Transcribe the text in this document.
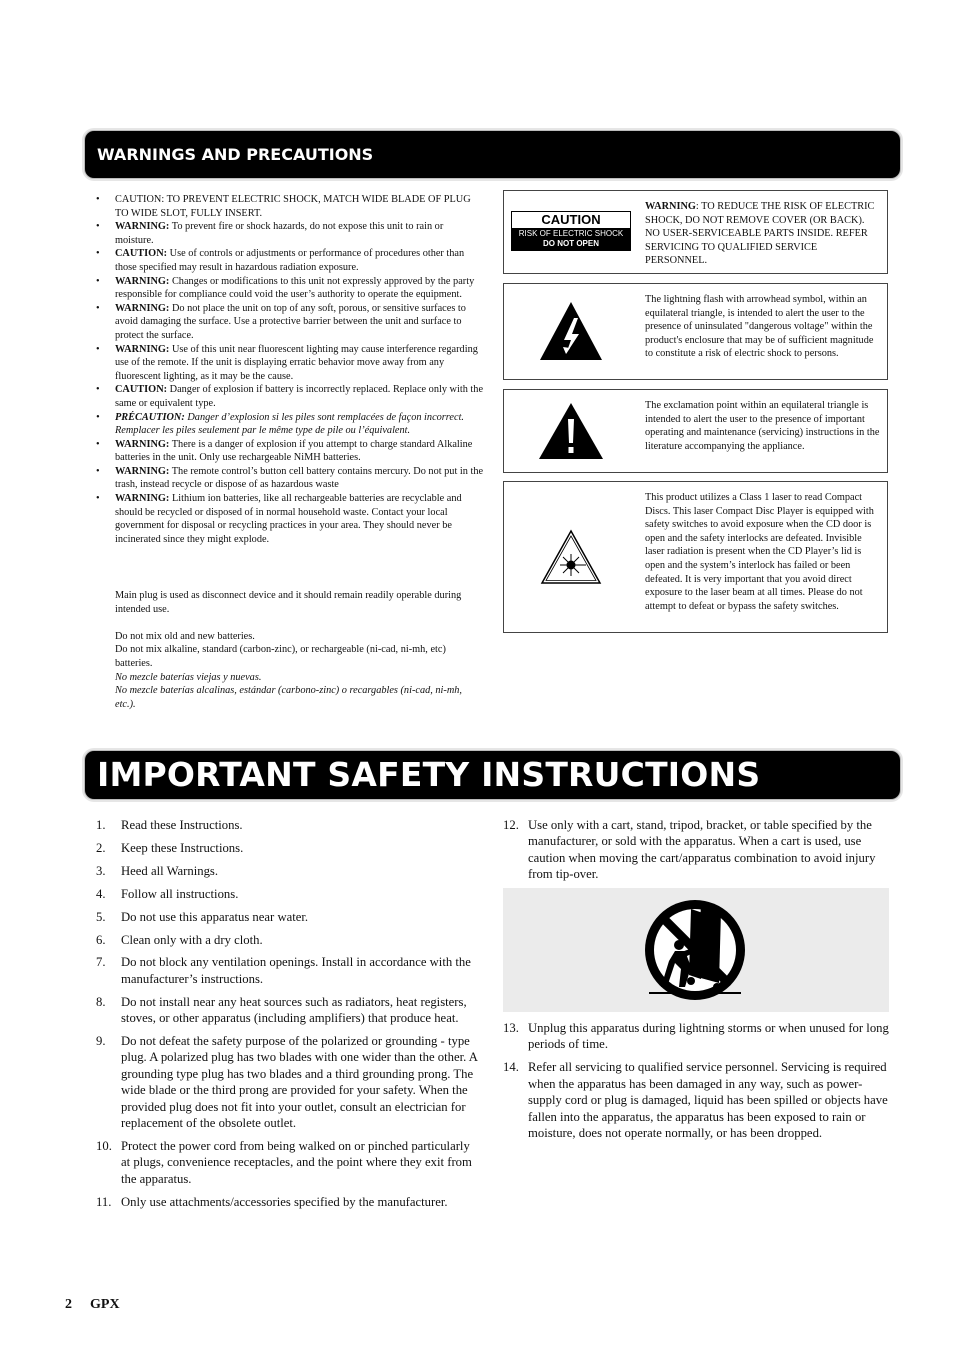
WARNINGS AND PRECAUTIONS
• CAUTION: TO PREVENT ELECTRIC SHOCK, MATCH WIDE BLADE OF PLUG TO WIDE SLOT, FULLY INSERT.
• WARNING: To prevent fire or shock hazards, do not expose this unit to rain or moisture.
• CAUTION: Use of controls or adjustments or performance of procedures other than those specified may result in hazardous radiation exposure.
• WARNING: Changes or modifications to this unit not expressly approved by the party responsible for compliance could void the user’s authority to operate the equipment.
• WARNING: Do not place the unit on top of any soft, porous, or sensitive surfaces to avoid damaging the surface. Use a protective barrier between the unit and surface to protect the surface.
• WARNING: Use of this unit near fluorescent lighting may cause interference regarding use of the remote. If the unit is displaying erratic behavior move away from any fluorescent lighting, as it may be the cause.
• CAUTION: Danger of explosion if battery is incorrectly replaced. Replace only with the same or equivalent type.
• PRÉCAUTION: Danger d’explosion si les piles sont remplacées de façon incorrect. Remplacer les piles seulement par le même type de pile ou l’équivalent.
• WARNING: There is a danger of explosion if you attempt to charge standard Alkaline batteries in the unit. Only use rechargeable NiMH batteries.
• WARNING: The remote control’s button cell battery contains mercury. Do not put in the trash, instead recycle or dispose of as hazardous waste
• WARNING: Lithium ion batteries, like all rechargeable batteries are recyclable and should be recycled or disposed of in normal household waste. Contact your local government for disposal or recycling practices in your area. They should never be incinerated since they might explode.

Main plug is used as disconnect device and it should remain readily operable during intended use.

Do not mix old and new batteries.

Do not mix alkaline, standard (carbon-zinc), or rechargeable (ni-cad, ni-mh, etc) batteries.

No mezcle baterías viejas y nuevas.

No mezcle baterías alcalinas, estándar (carbono-zinc) o recargables (ni-cad, ni-mh, etc.).

CAUTION
RISK OF ELECTRIC SHOCK
DO NOT OPEN
WARNING: TO REDUCE THE RISK OF ELECTRIC SHOCK, DO NOT REMOVE COVER (OR BACK). NO USER-SERVICEABLE PARTS INSIDE. REFER SERVICING TO QUALIFIED SERVICE PERSONNEL.
The lightning flash with arrowhead symbol, within an equilateral triangle, is intended to alert the user to the presence of uninsulated "dangerous voltage" within the product's enclosure that may be of sufficient magnitude to constitute a risk of electric shock to persons.
The exclamation point within an equilateral triangle is intended to alert the user to the presence of important operating and maintenance (servicing) instructions in the literature accompanying the appliance.
This product utilizes a Class 1 laser to read Compact Discs. This laser Compact Disc Player is equipped with safety switches to avoid exposure when the CD door is open and the safety interlocks are defeated. Invisible laser radiation is present when the CD Player’s lid is open and the system’s interlock has failed or been defeated. It is very important that you avoid direct exposure to the laser beam at all times. Please do not attempt to defeat or bypass the safety switches.
IMPORTANT SAFETY INSTRUCTIONS
1. Read these Instructions.
2. Keep these Instructions.
3. Heed all Warnings.
4. Follow all instructions.
5. Do not use this apparatus near water.
6. Clean only with a dry cloth.
7. Do not block any ventilation openings. Install in accordance with the manufacturer’s instructions.
8. Do not install near any heat sources such as radiators, heat registers, stoves, or other apparatus (including amplifiers) that produce heat.
9. Do not defeat the safety purpose of the polarized or grounding - type plug. A polarized plug has two blades with one wider than the other. A grounding type plug has two blades and a third grounding prong. The wide blade or the third prong are provided for your safety. When the provided plug does not fit into your outlet, consult an electrician for replacement of the obsolete outlet.
10. Protect the power cord from being walked on or pinched particularly at plugs, convenience receptacles, and the point where they exit from the apparatus.
11. Only use attachments/accessories specified by the manufacturer.
12. Use only with a cart, stand, tripod, bracket, or table specified by the manufacturer, or sold with the apparatus. When a cart is used, use caution when moving the cart/apparatus combination to avoid injury from tip-over.
13. Unplug this apparatus during lightning storms or when unused for long periods of time.
14. Refer all servicing to qualified service personnel. Servicing is required when the apparatus has been damaged in any way, such as power-supply cord or plug is damaged, liquid has been spilled or objects have fallen into the apparatus, the apparatus has been exposed to rain or moisture, does not operate normally, or has been dropped.
2 GPX
